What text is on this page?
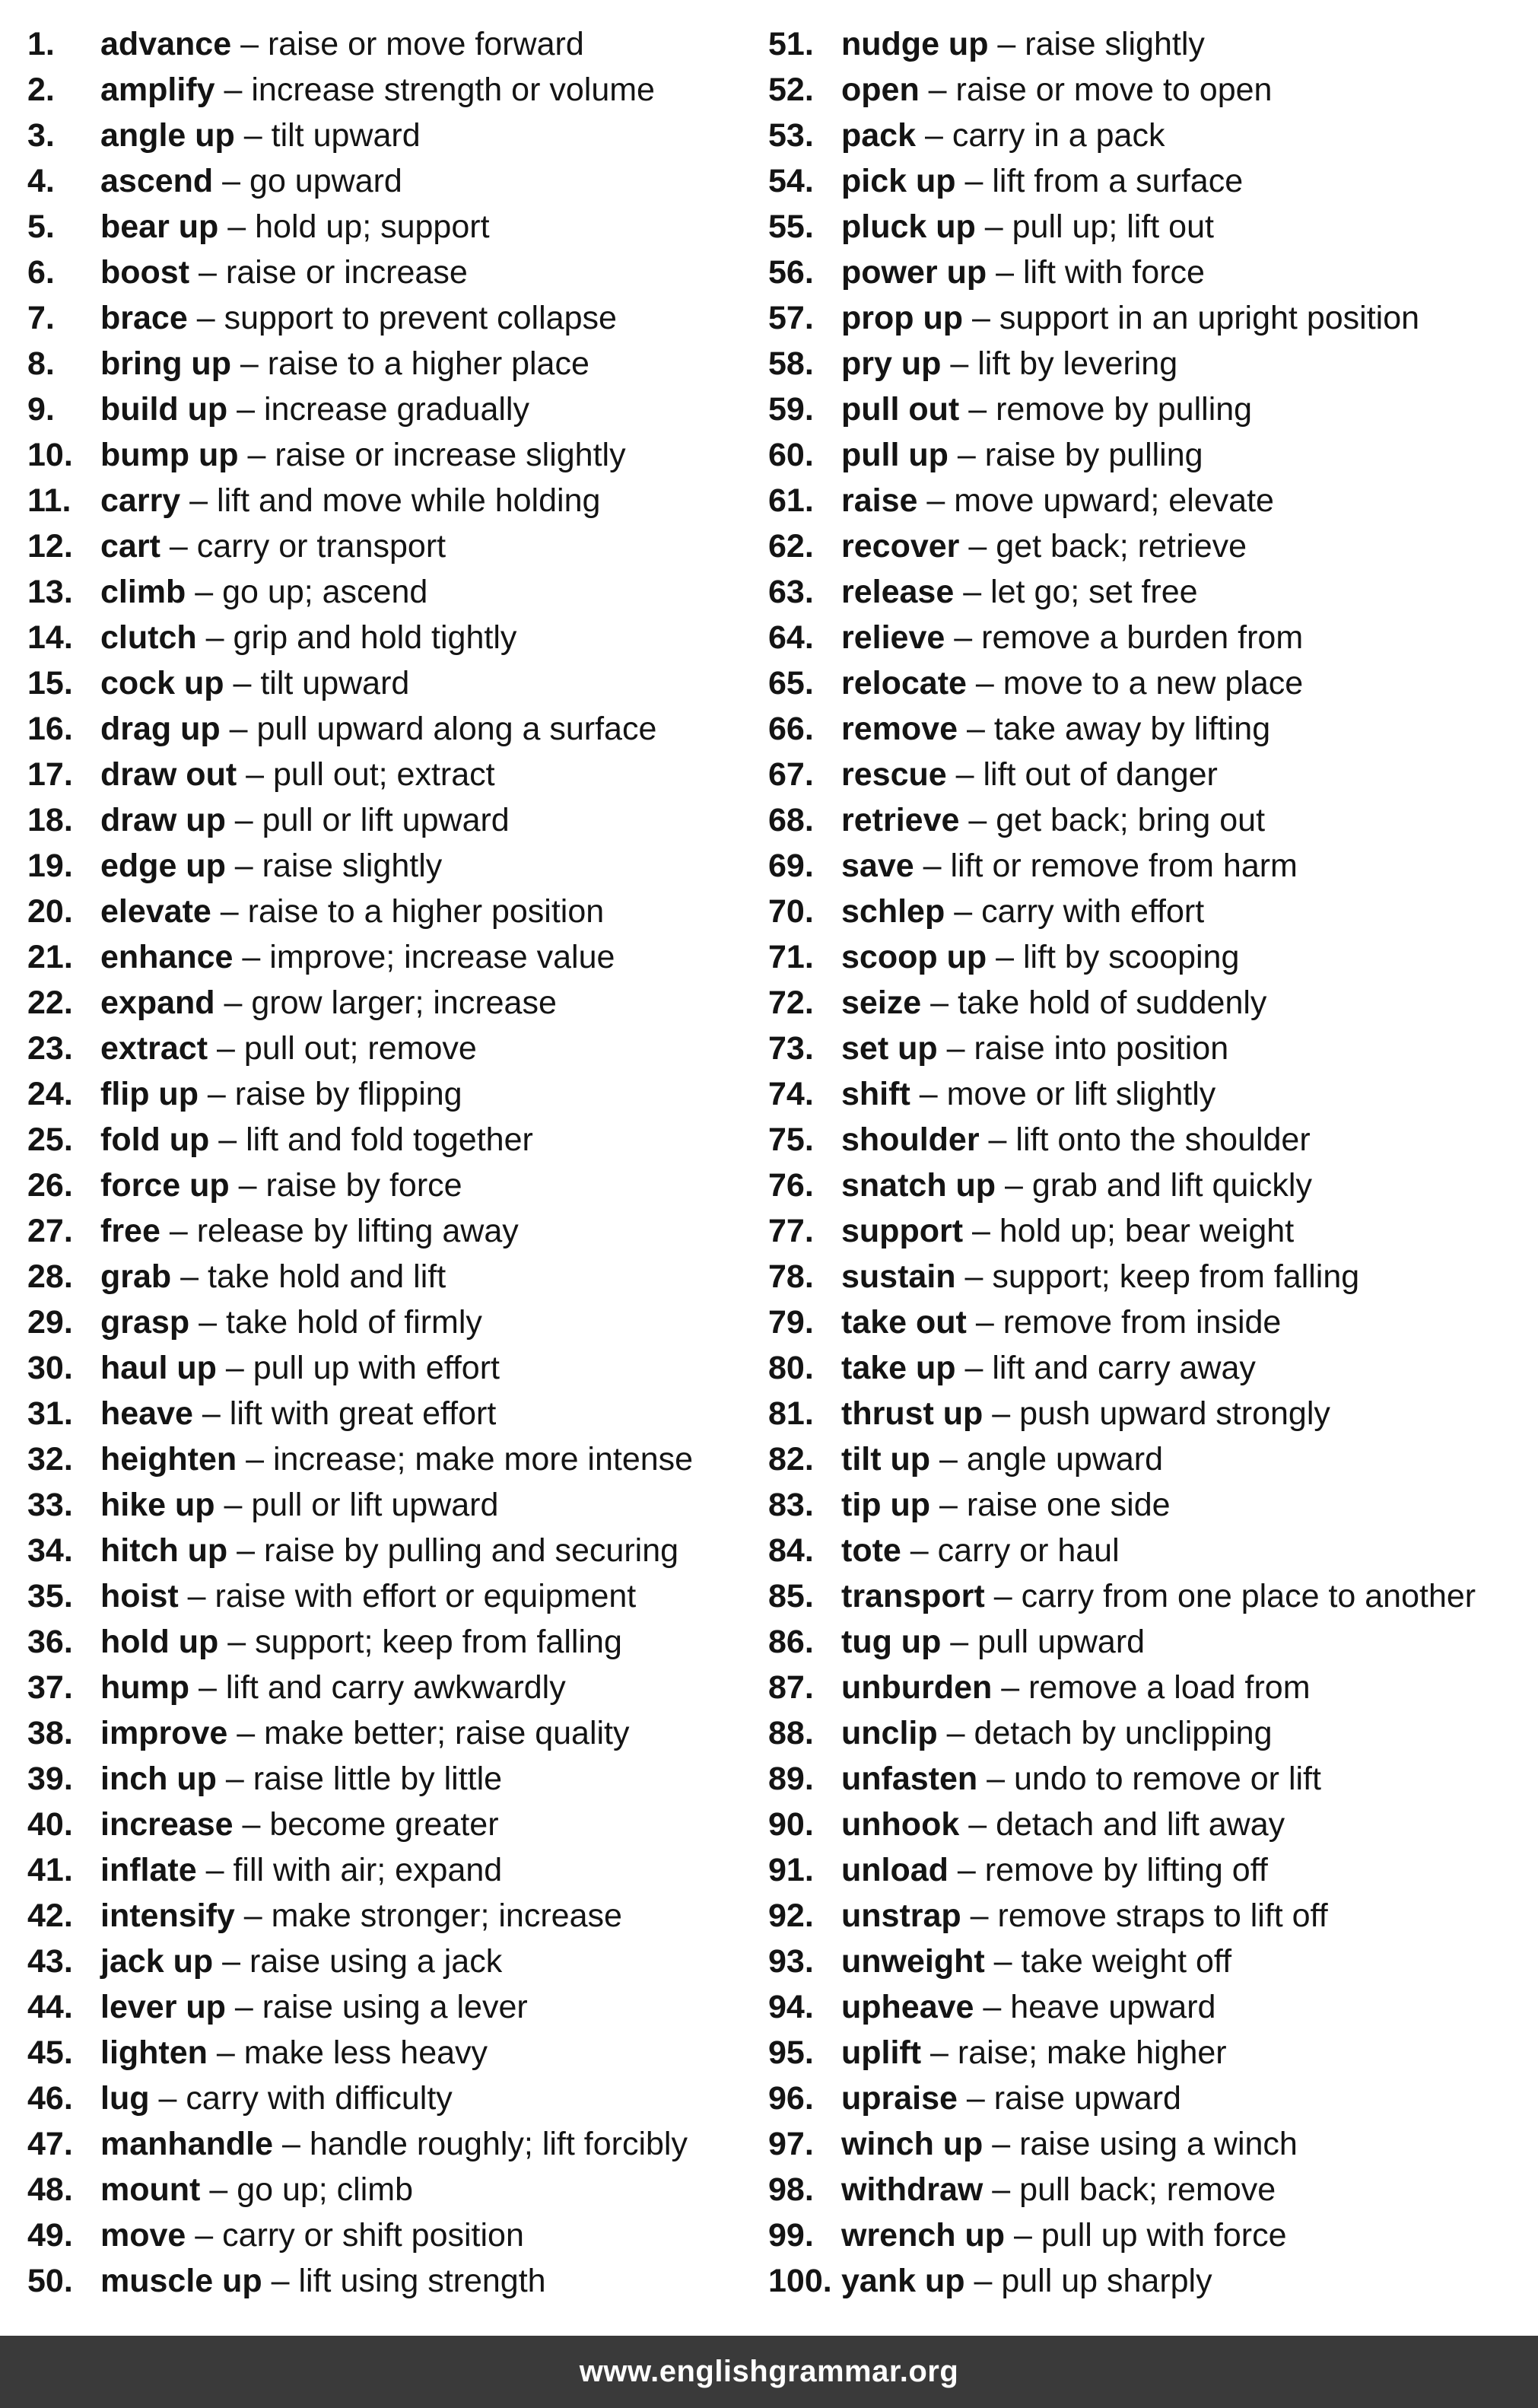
1. advance – raise or move forward
2. amplify – increase strength or volume
3. angle up – tilt upward
4. ascend – go upward
5. bear up – hold up; support
6. boost – raise or increase
7. brace – support to prevent collapse
8. bring up – raise to a higher place
9. build up – increase gradually
10. bump up – raise or increase slightly
11. carry – lift and move while holding
12. cart – carry or transport
13. climb – go up; ascend
14. clutch – grip and hold tightly
15. cock up – tilt upward
16. drag up – pull upward along a surface
17. draw out – pull out; extract
18. draw up – pull or lift upward
19. edge up – raise slightly
20. elevate – raise to a higher position
21. enhance – improve; increase value
22. expand – grow larger; increase
23. extract – pull out; remove
24. flip up – raise by flipping
25. fold up – lift and fold together
26. force up – raise by force
27. free – release by lifting away
28. grab – take hold and lift
29. grasp – take hold of firmly
30. haul up – pull up with effort
31. heave – lift with great effort
32. heighten – increase; make more intense
33. hike up – pull or lift upward
34. hitch up – raise by pulling and securing
35. hoist – raise with effort or equipment
36. hold up – support; keep from falling
37. hump – lift and carry awkwardly
38. improve – make better; raise quality
39. inch up – raise little by little
40. increase – become greater
41. inflate – fill with air; expand
42. intensify – make stronger; increase
43. jack up – raise using a jack
44. lever up – raise using a lever
45. lighten – make less heavy
46. lug – carry with difficulty
47. manhandle – handle roughly; lift forcibly
48. mount – go up; climb
49. move – carry or shift position
50. muscle up – lift using strength
51. nudge up – raise slightly
52. open – raise or move to open
53. pack – carry in a pack
54. pick up – lift from a surface
55. pluck up – pull up; lift out
56. power up – lift with force
57. prop up – support in an upright position
58. pry up – lift by levering
59. pull out – remove by pulling
60. pull up – raise by pulling
61. raise – move upward; elevate
62. recover – get back; retrieve
63. release – let go; set free
64. relieve – remove a burden from
65. relocate – move to a new place
66. remove – take away by lifting
67. rescue – lift out of danger
68. retrieve – get back; bring out
69. save – lift or remove from harm
70. schlep – carry with effort
71. scoop up – lift by scooping
72. seize – take hold of suddenly
73. set up – raise into position
74. shift – move or lift slightly
75. shoulder – lift onto the shoulder
76. snatch up – grab and lift quickly
77. support – hold up; bear weight
78. sustain – support; keep from falling
79. take out – remove from inside
80. take up – lift and carry away
81. thrust up – push upward strongly
82. tilt up – angle upward
83. tip up – raise one side
84. tote – carry or haul
85. transport – carry from one place to another
86. tug up – pull upward
87. unburden – remove a load from
88. unclip – detach by unclipping
89. unfasten – undo to remove or lift
90. unhook – detach and lift away
91. unload – remove by lifting off
92. unstrap – remove straps to lift off
93. unweight – take weight off
94. upheave – heave upward
95. uplift – raise; make higher
96. upraise – raise upward
97. winch up – raise using a winch
98. withdraw – pull back; remove
99. wrench up – pull up with force
100. yank up – pull up sharply
www.englishgrammar.org
